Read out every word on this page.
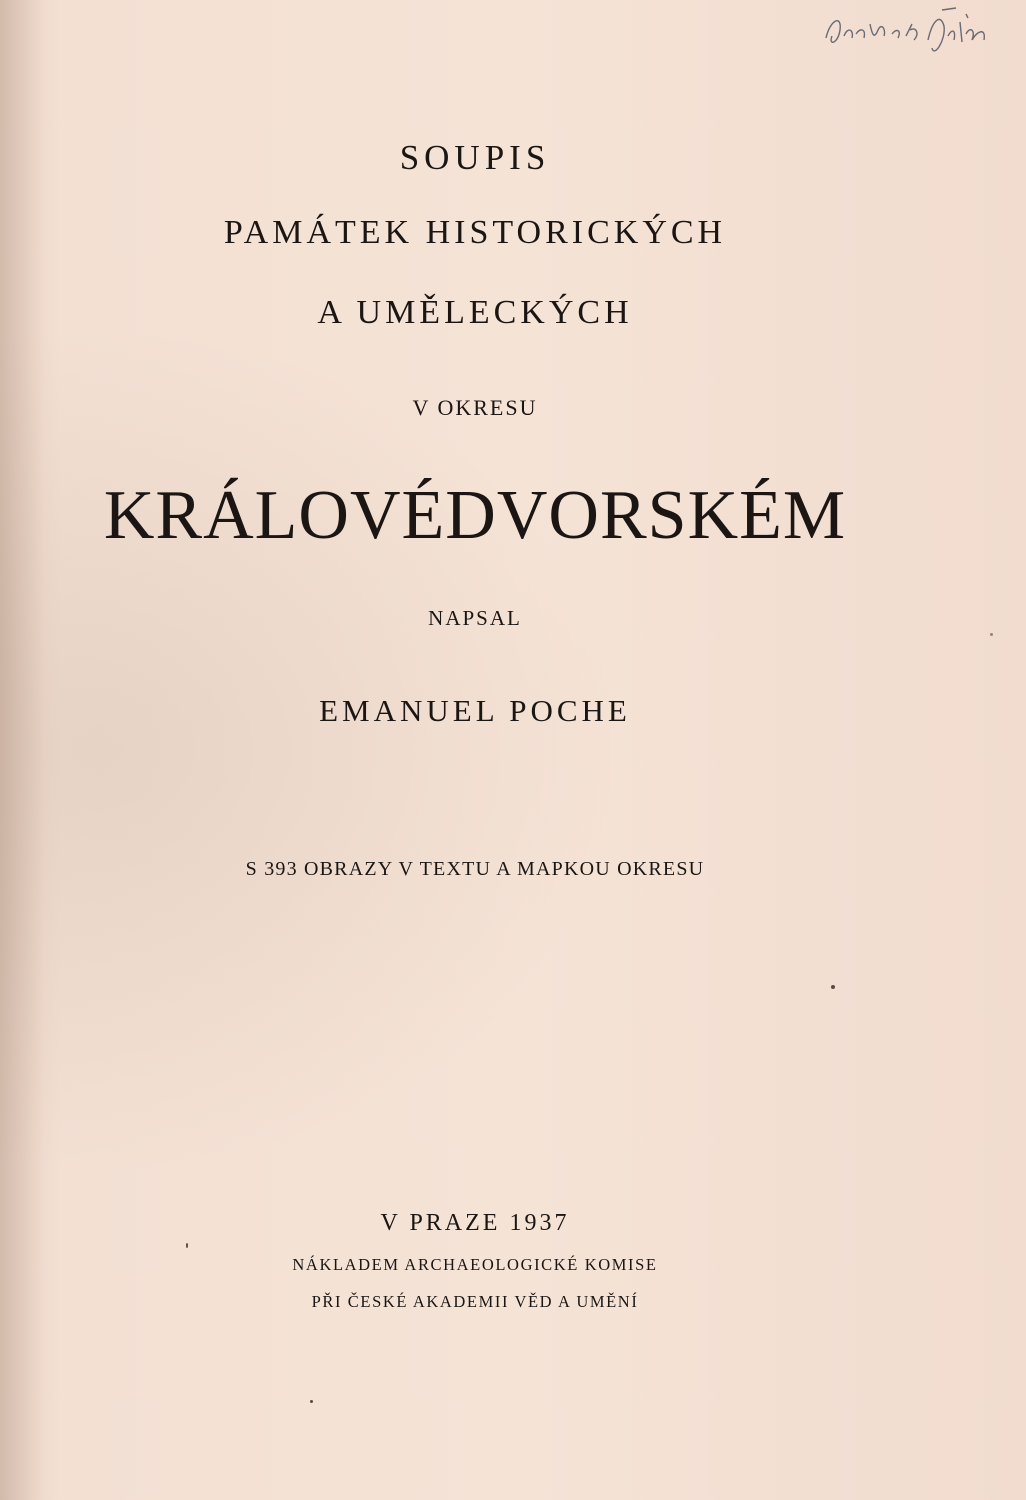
SOUPIS
PAMÁTEK HISTORICKÝCH
A UMĚLECKÝCH
V OKRESU
KRÁLOVÉDVORSKÉM
NAPSAL
EMANUEL POCHE
S 393 OBRAZY V TEXTU A MAPKOU OKRESU
V PRAZE 1937
NÁKLADEM ARCHAEOLOGICKÉ KOMISE
PŘI ČESKÉ AKADEMII VĚD A UMĚNÍ
